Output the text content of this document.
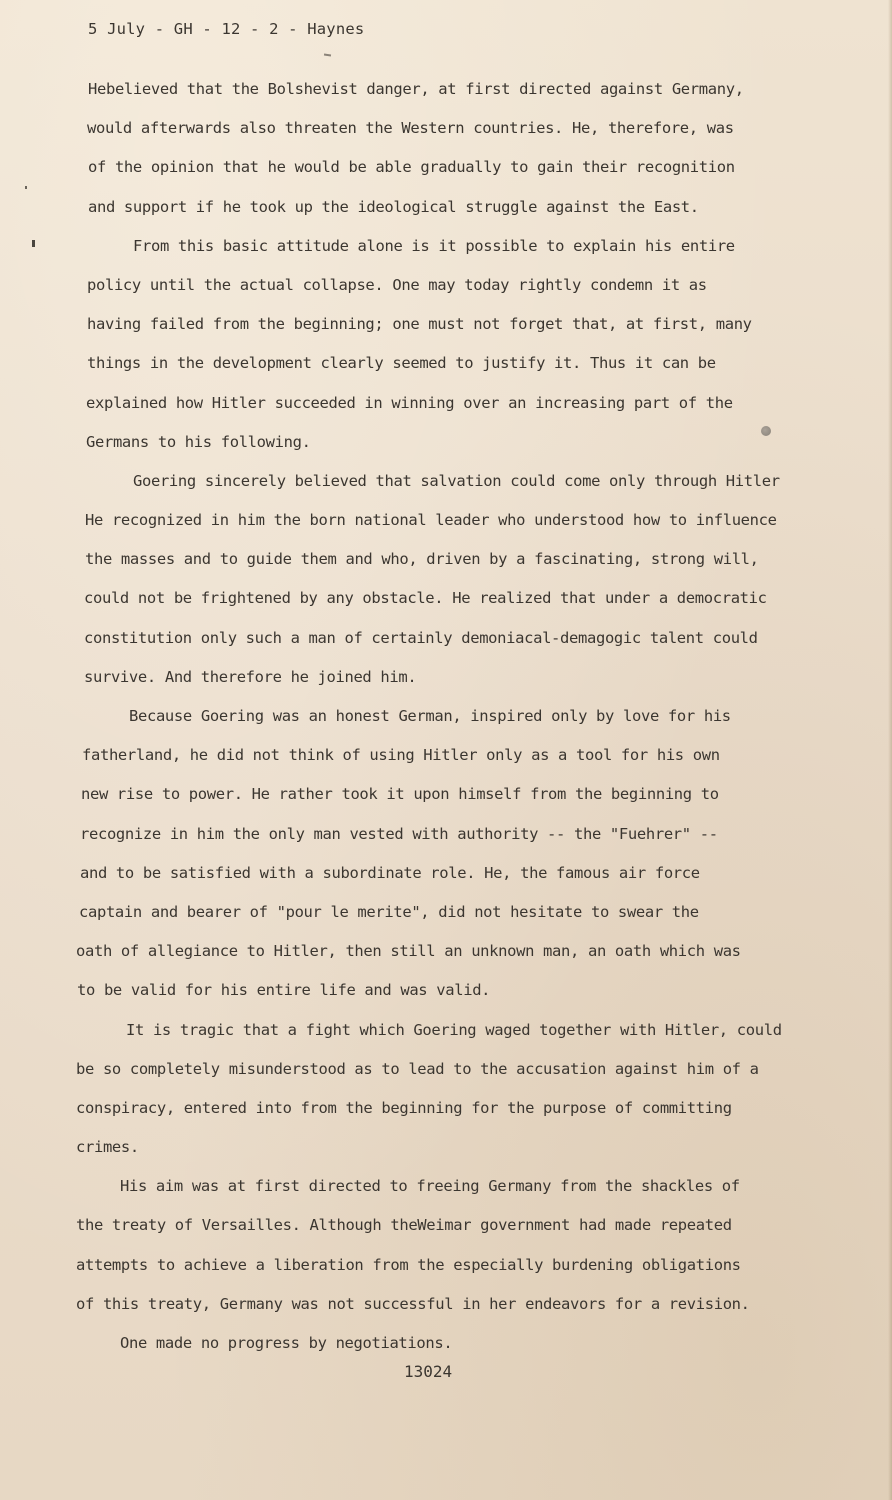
5 July - GH - 12 - 2 - Haynes
Hebelieved that the Bolshevist danger, at first directed against Germany,
would afterwards also threaten the Western countries. He, therefore, was
of the opinion that he would be able gradually to gain their recognition
and support if he took up the ideological struggle against the East.
From this basic attitude alone is it possible to explain his entire
policy until the actual collapse. One may today rightly condemn it as
having failed from the beginning; one must not forget that, at first, many
things in the development clearly seemed to justify it. Thus it can be
explained how Hitler succeeded in winning over an increasing part of the
Germans to his following.
Goering sincerely believed that salvation could come only through Hitler
He recognized in him the born national leader who understood how to influence
the masses and to guide them and who, driven by a fascinating, strong will,
could not be frightened by any obstacle. He realized that under a democratic
constitution only such a man of certainly demoniacal-demagogic talent could
survive. And therefore he joined him.
Because Goering was an honest German, inspired only by love for his
fatherland, he did not think of using Hitler only as a tool for his own
new rise to power. He rather took it upon himself from the beginning to
recognize in him the only man vested with authority -- the "Fuehrer" --
and to be satisfied with a subordinate role. He, the famous air force
captain and bearer of "pour le merite", did not hesitate to swear the
oath of allegiance to Hitler, then still an unknown man, an oath which was
to be valid for his entire life and was valid.
It is tragic that a fight which Goering waged together with Hitler, could
be so completely misunderstood as to lead to the accusation against him of a
conspiracy, entered into from the beginning for the purpose of committing
crimes.
His aim was at first directed to freeing Germany from the shackles of
the treaty of Versailles. Although theWeimar government had made repeated
attempts to achieve a liberation from the especially burdening obligations
of this treaty, Germany was not successful in her endeavors for a revision.
One made no progress by negotiations.
13024
